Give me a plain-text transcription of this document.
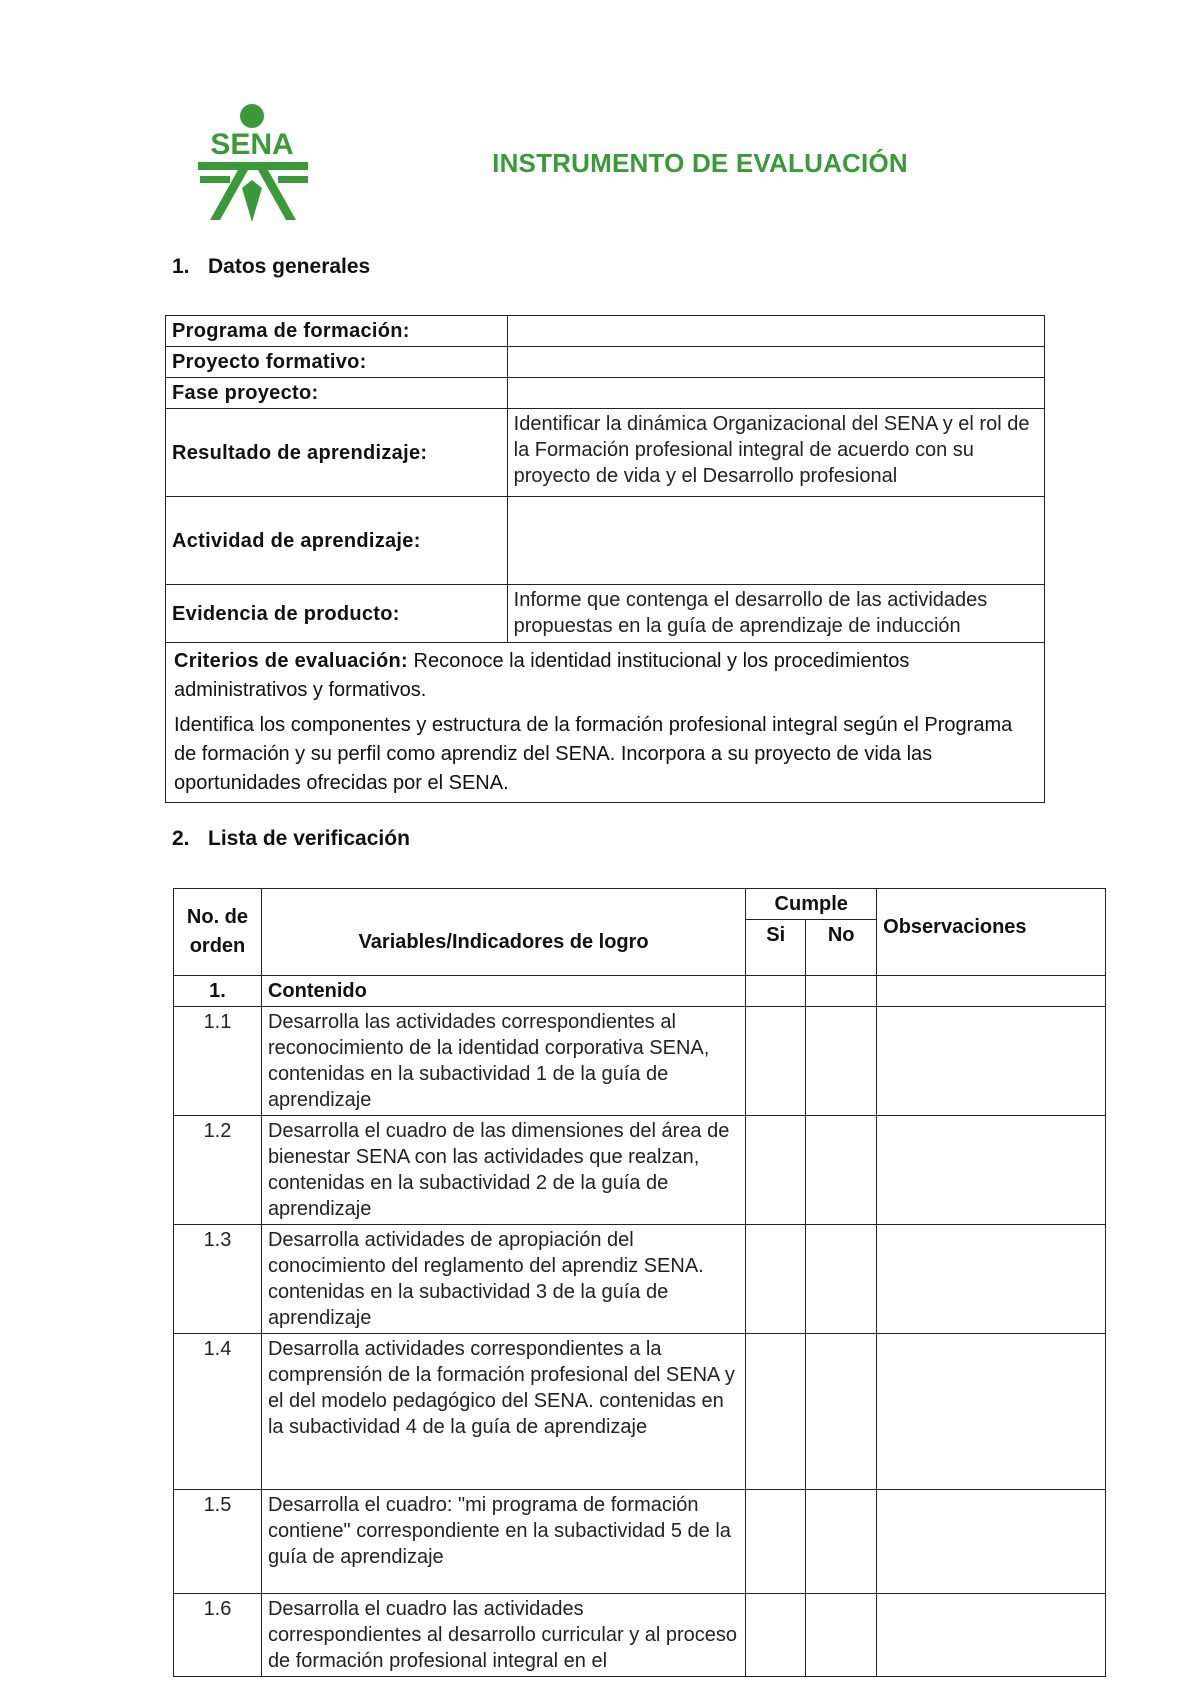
SENA
INSTRUMENTO DE EVALUACIÓN
1. Datos generales
Programa de formación:	
Proyecto formativo:	
Fase proyecto:	
Resultado de aprendizaje:	Identificar la dinámica Organizacional del SENA y el rol de la Formación profesional integral de acuerdo con su proyecto de vida y el Desarrollo profesional
Actividad de aprendizaje:	
Evidencia de producto:	Informe que contenga el desarrollo de las actividades propuestas en la guía de aprendizaje de inducción

Criterios de evaluación: Reconoce la identidad institucional y los procedimientos administrativos y formativos.

Identifica los componentes y estructura de la formación profesional integral según el Programa de formación y su perfil como aprendiz del SENA. Incorpora a su proyecto de vida las oportunidades ofrecidas por el SENA.	

2. Lista de verificación
No. de orden	Variables/Indicadores de logro	Cumple		Observaciones
		Si	No	
1.	Contenido			
1.1	Desarrolla las actividades correspondientes al reconocimiento de la identidad corporativa SENA, contenidas en la subactividad 1 de la guía de aprendizaje			
1.2	Desarrolla el cuadro de las dimensiones del área de bienestar SENA con las actividades que realzan, contenidas en la subactividad 2 de la guía de aprendizaje			
1.3	Desarrolla actividades de apropiación del conocimiento del reglamento del aprendiz SENA. contenidas en la subactividad 3 de la guía de aprendizaje			
1.4	Desarrolla actividades correspondientes a la comprensión de la formación profesional del SENA y el del modelo pedagógico del SENA. contenidas en la subactividad 4 de la guía de aprendizaje			
1.5	Desarrolla el cuadro: "mi programa de formación contiene" correspondiente en la subactividad 5 de la guía de aprendizaje			
1.6	Desarrolla el cuadro las actividades correspondientes al desarrollo curricular y al proceso de formación profesional integral en el			
